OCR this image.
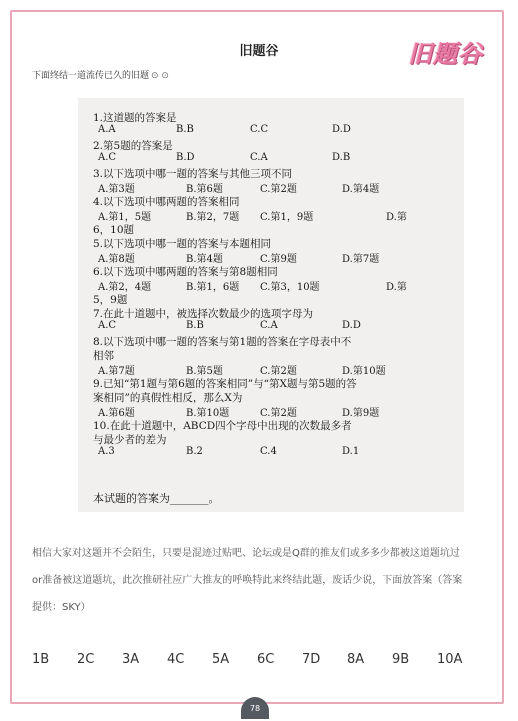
旧题谷	旧题谷
下面终结一道流传已久的旧题 ⊙ ⊙
1.这道题的答案是
A.A	B.B	C.C	D.D
2.第5题的答案是
A.C	B.D	C.A	D.B
3.以下选项中哪一题的答案与其他三项不同
A.第3题	B.第6题	C.第2题	D.第4题
4.以下选项中哪两题的答案相同
A.第1，5题	B.第2，7题 C.第1，9题	D.第
6，10题
5.以下选项中哪一题的答案与本题相同
A.第8题	B.第4题	C.第9题	D.第7题
6.以下选项中哪两题的答案与第8题相同
A.第2，4题	B.第1，6题 C.第3，10题	D.第
5，9题
7.在此十道题中，被选择次数最少的选项字母为
A.C	B.B	C.A	D.D
8.以下选项中哪一题的答案与第1题的答案在字母表中不
相邻
A.第7题	B.第5题	C.第2题	D.第10题
9.已知“第1题与第6题的答案相同”与“第X题与第5题的答
案相同”的真假性相反，那么X为
A.第6题	B.第10题	C.第2题	D.第9题
10.在此十道题中，ABCD四个字母中出现的次数最多者
与最少者的差为
A.3	B.2	C.4	D.1
本试题的答案为_______。
相信大家对这题并不会陌生，只要是混迹过贴吧、论坛或是Q群的推友们或多多少都被这道题坑过
or准备被这道题坑，此次推研社应广大推友的呼唤特此来终结此题，废话少说，下面放答案（答案
提供：SKY）
1B 2C 3A 4C 5A 6C 7D 8A 9B 10A
78
